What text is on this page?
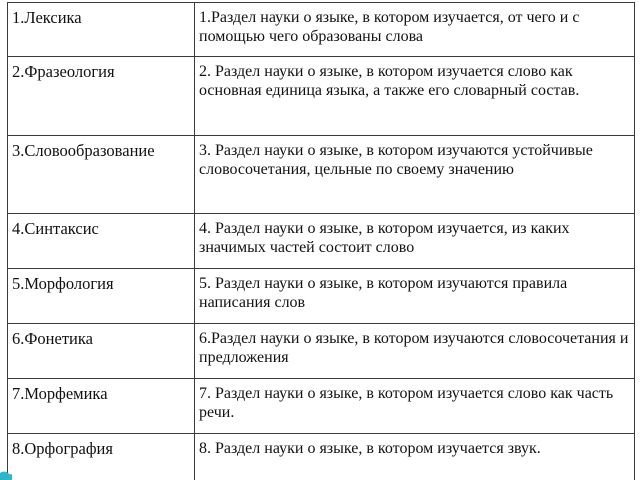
1.Лексика	1.Раздел науки о языке, в котором изучается, от чего и с помощью чего образованы слова
2.Фразеология	2. Раздел науки о языке, в котором изучается слово как основная единица языка, а также его словарный состав.
3.Словообразование	3. Раздел науки о языке, в котором изучаются устойчивые словосочетания, цельные по своему значению
4.Синтаксис	4. Раздел науки о языке, в котором изучается, из каких значимых частей состоит слово
5.Морфология	5. Раздел науки о языке, в котором изучаются правила написания слов
6.Фонетика	6.Раздел науки о языке, в котором изучаются словосочетания и предложения
7.Морфемика	7. Раздел науки о языке, в котором изучается слово как часть речи.
8.Орфография	8. Раздел науки о языке, в котором изучается звук.
